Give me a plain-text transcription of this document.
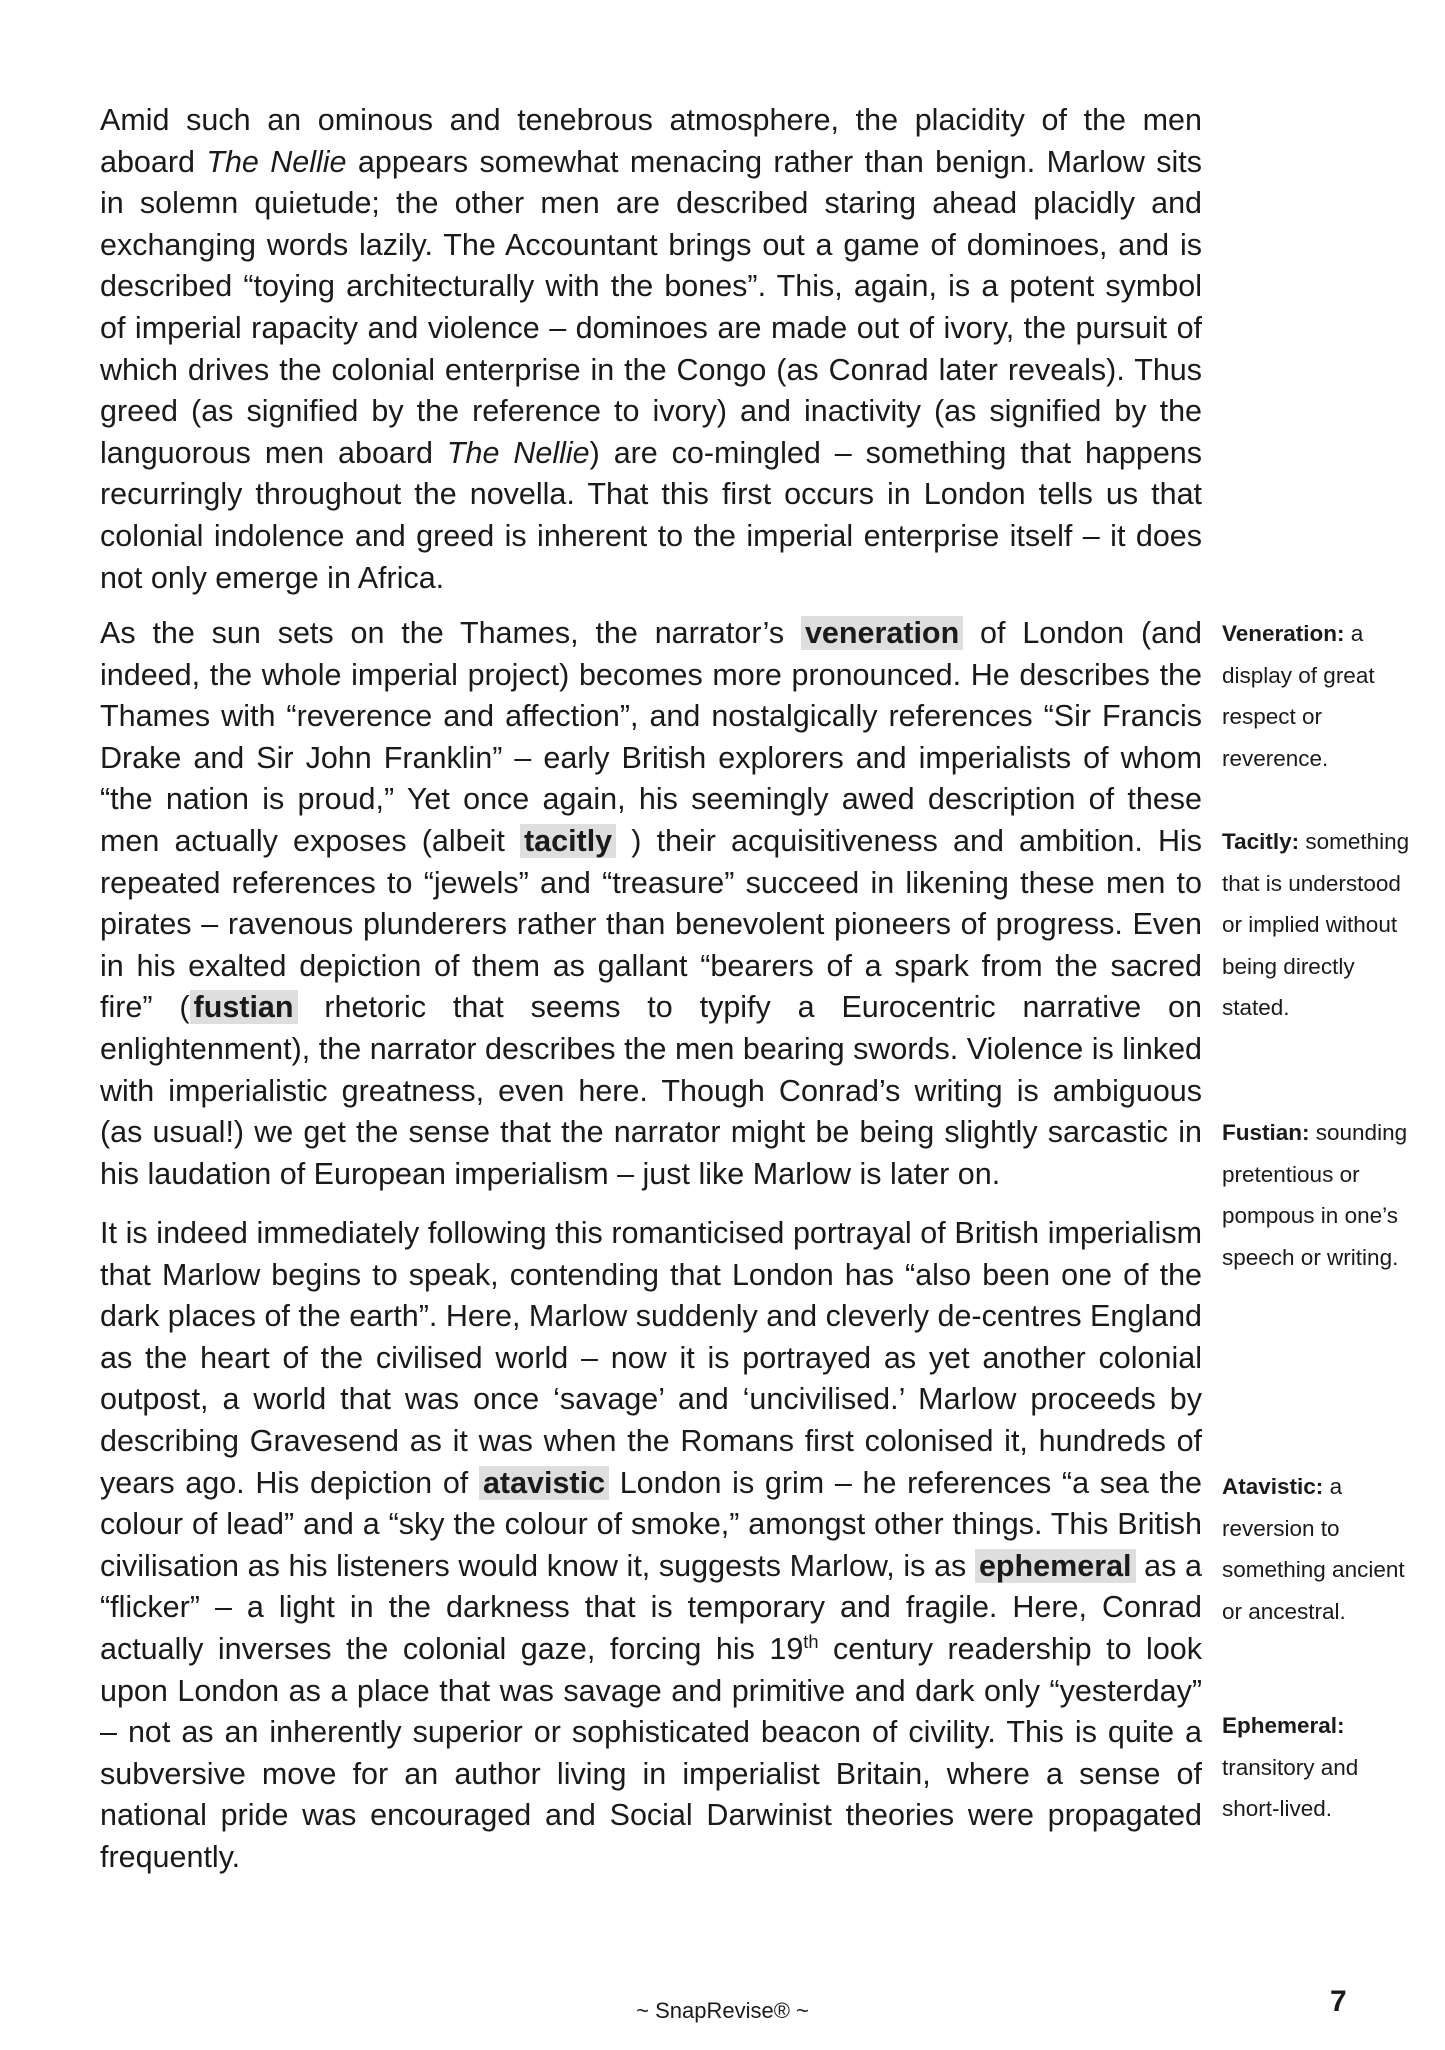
Amid such an ominous and tenebrous atmosphere, the placidity of the men aboard The Nellie appears somewhat menacing rather than benign. Marlow sits in solemn quietude; the other men are described staring ahead placidly and exchanging words lazily. The Accountant brings out a game of dominoes, and is described “toying architecturally with the bones”. This, again, is a potent symbol of imperial rapacity and violence – dominoes are made out of ivory, the pursuit of which drives the colonial enterprise in the Congo (as Conrad later reveals). Thus greed (as signified by the reference to ivory) and inactivity (as signified by the languorous men aboard The Nellie) are co-mingled – something that happens recurringly throughout the novella. That this first occurs in London tells us that colonial indolence and greed is inherent to the imperial enterprise itself – it does not only emerge in Africa.

As the sun sets on the Thames, the narrator’s veneration of London (and indeed, the whole imperial project) becomes more pronounced. He describes the Thames with “reverence and affection”, and nostalgically references “Sir Francis Drake and Sir John Franklin” – early British explorers and imperialists of whom “the nation is proud,” Yet once again, his seemingly awed description of these men actually exposes (albeit tacitly ) their acquisitiveness and ambition. His repeated references to “jewels” and “treasure” succeed in likening these men to pirates – ravenous plunderers rather than benevolent pioneers of progress. Even in his exalted depiction of them as gallant “bearers of a spark from the sacred fire” ( fustian rhetoric that seems to typify a Eurocentric narrative on enlightenment), the narrator describes the men bearing swords. Violence is linked with imperialistic greatness, even here. Though Conrad’s writing is ambiguous (as usual!) we get the sense that the narrator might be being slightly sarcastic in his laudation of European imperialism – just like Marlow is later on.

It is indeed immediately following this romanticised portrayal of British imperialism that Marlow begins to speak, contending that London has “also been one of the dark places of the earth”. Here, Marlow suddenly and cleverly de-centres England as the heart of the civilised world – now it is portrayed as yet another colonial outpost, a world that was once ‘savage’ and ‘uncivilised.’ Marlow proceeds by describing Gravesend as it was when the Romans first colonised it, hundreds of years ago. His depiction of atavistic London is grim – he references “a sea the colour of lead” and a “sky the colour of smoke,” amongst other things. This British civilisation as his listeners would know it, suggests Marlow, is as ephemeral as a “flicker” – a light in the darkness that is temporary and fragile. Here, Conrad actually inverses the colonial gaze, forcing his 19th century readership to look upon London as a place that was savage and primitive and dark only “yesterday” – not as an inherently superior or sophisticated beacon of civility. This is quite a subversive move for an author living in imperialist Britain, where a sense of national pride was encouraged and Social Darwinist theories were propagated frequently.

Veneration: a display of great respect or reverence.
Tacitly: something that is understood or implied without being directly stated.
Fustian: sounding pretentious or pompous in one’s speech or writing.
Atavistic: a reversion to something ancient or ancestral.
Ephemeral: transitory and short-lived.
~ SnapRevise® ~	7
